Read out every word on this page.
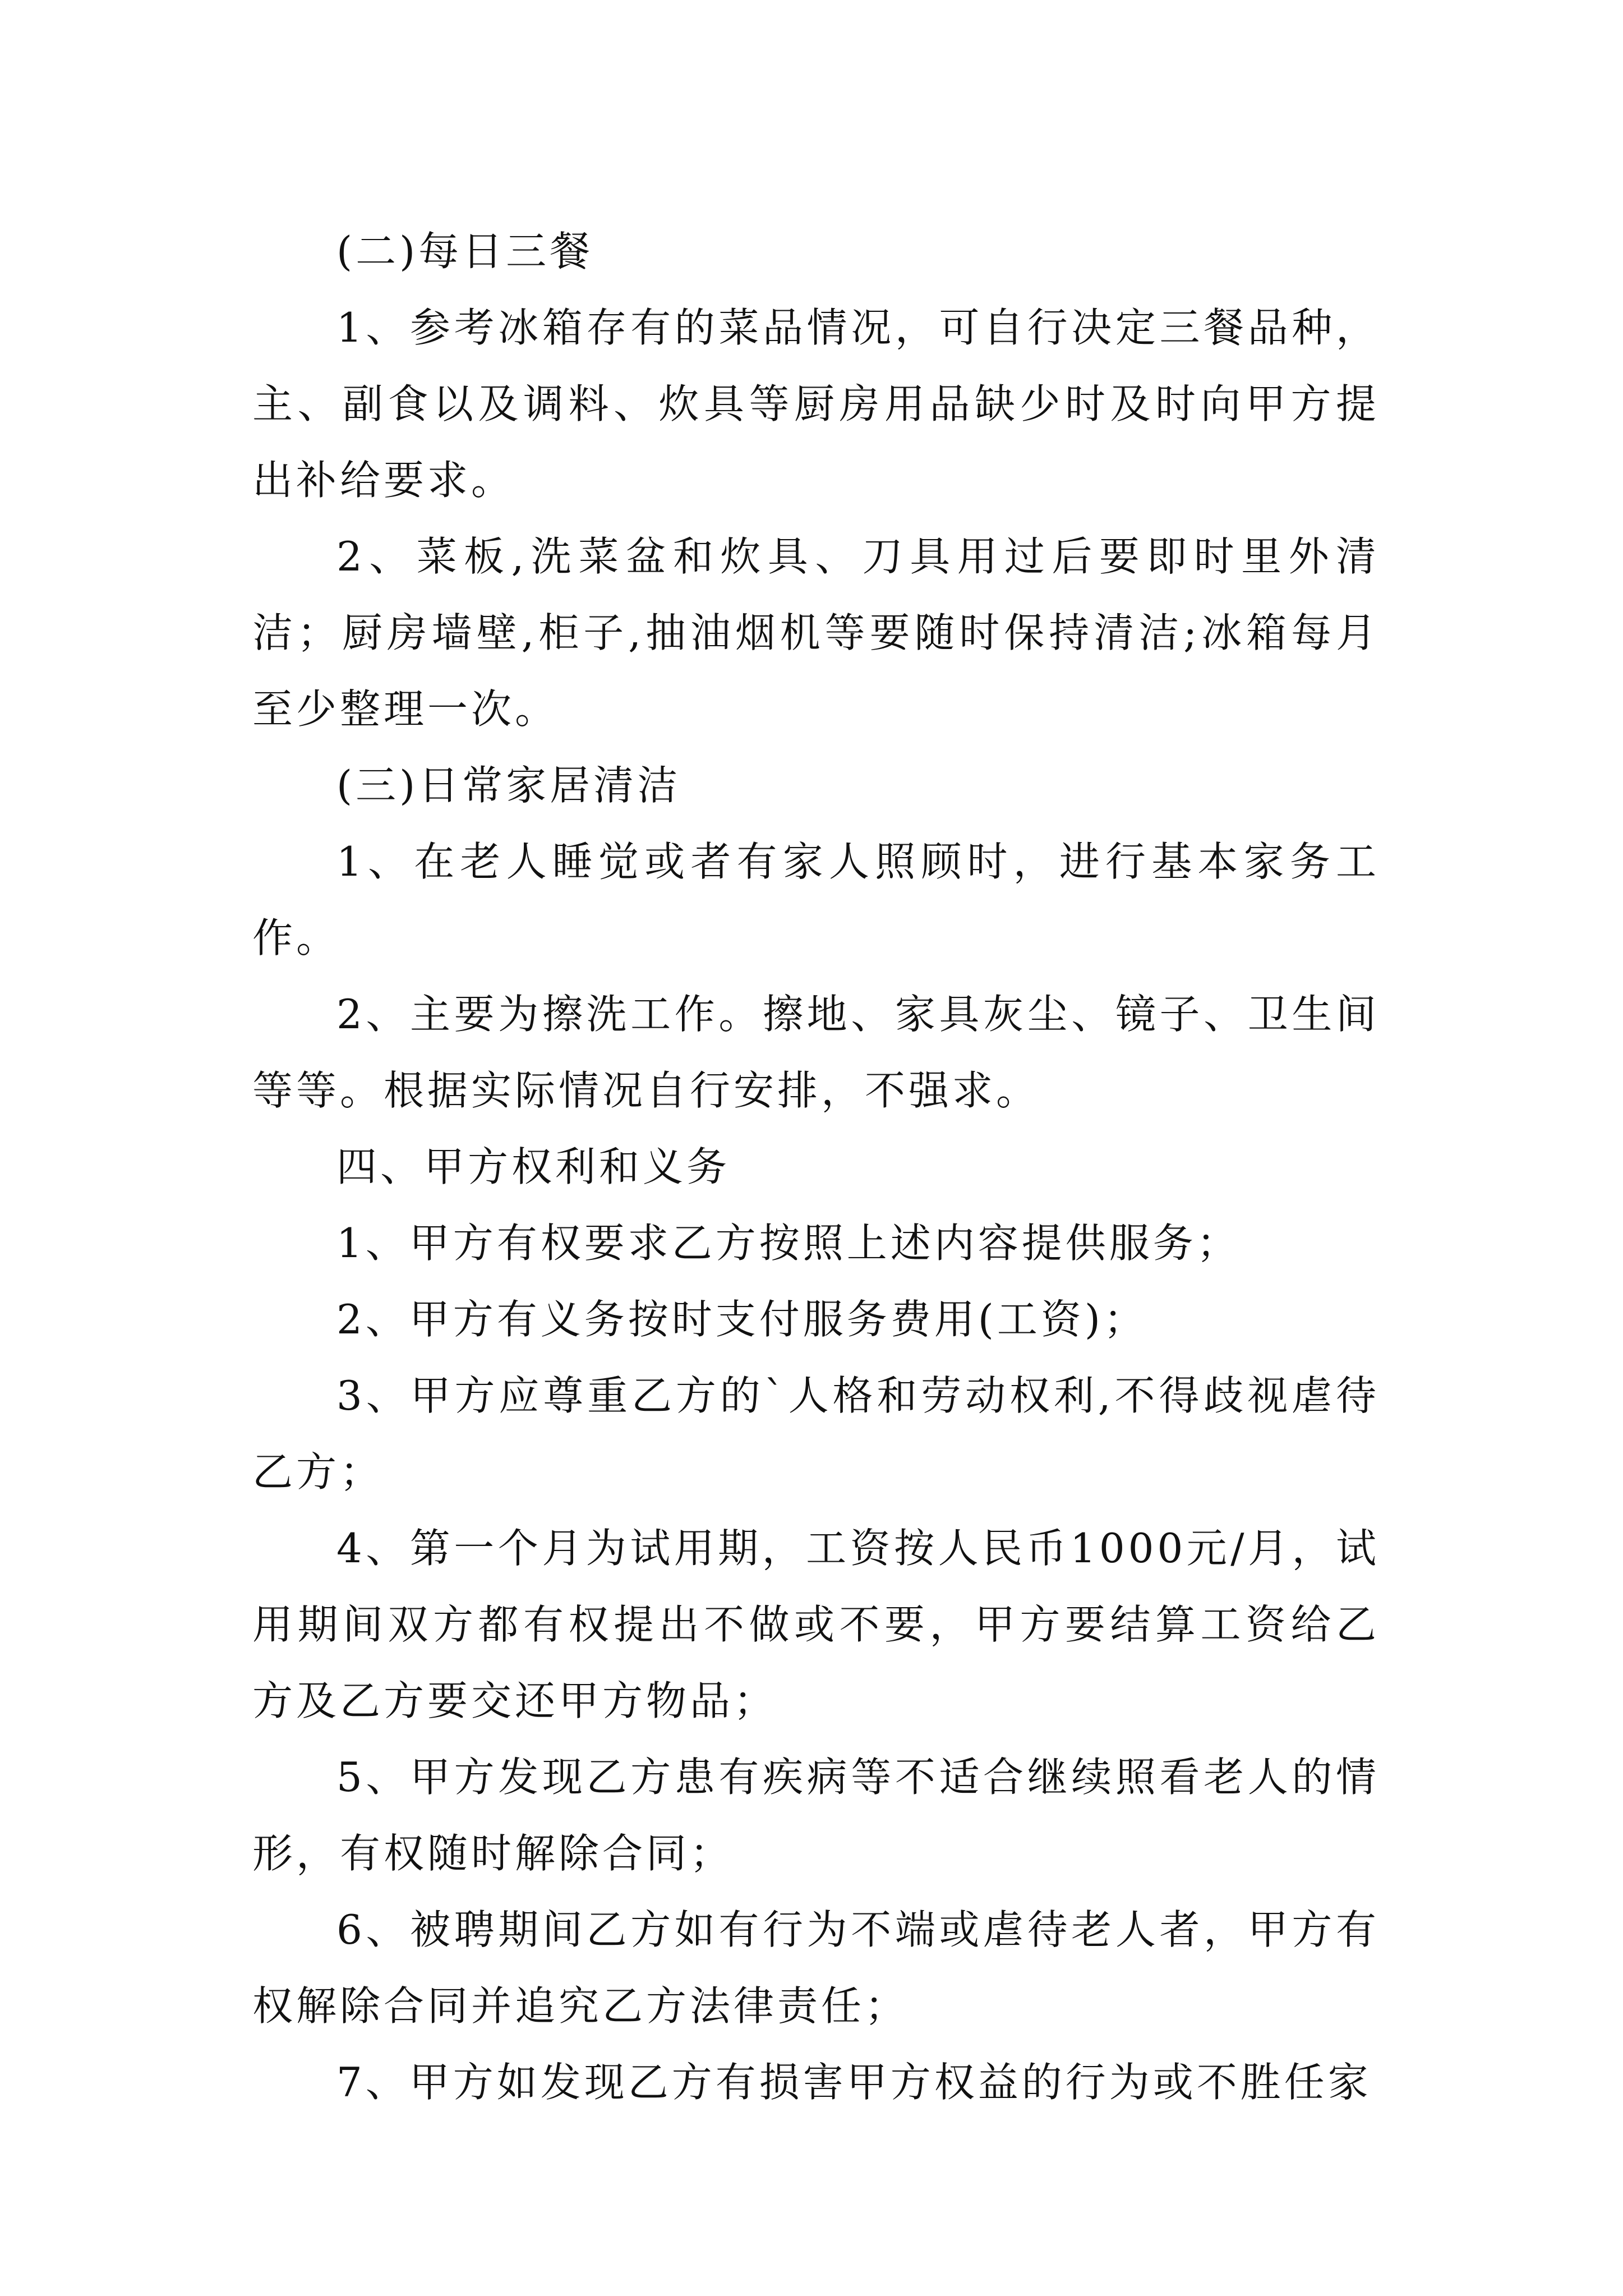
(二)每日三餐

1、参考冰箱存有的菜品情况，可自行决定三餐品种，主、副食以及调料、炊具等厨房用品缺少时及时向甲方提出补给要求。

2、菜板,洗菜盆和炊具、刀具用过后要即时里外清洁；厨房墙壁,柜子,抽油烟机等要随时保持清洁;冰箱每月至少整理一次。

(三)日常家居清洁

1、在老人睡觉或者有家人照顾时，进行基本家务工作。

2、主要为擦洗工作。擦地、家具灰尘、镜子、卫生间等等。根据实际情况自行安排，不强求。

四、甲方权利和义务

1、甲方有权要求乙方按照上述内容提供服务；

2、甲方有义务按时支付服务费用(工资)；

3、甲方应尊重乙方的`人格和劳动权利,不得歧视虐待乙方；

4、第一个月为试用期，工资按人民币1000元/月，试用期间双方都有权提出不做或不要，甲方要结算工资给乙方及乙方要交还甲方物品；

5、甲方发现乙方患有疾病等不适合继续照看老人的情形，有权随时解除合同；

6、被聘期间乙方如有行为不端或虐待老人者，甲方有权解除合同并追究乙方法律责任；

7、甲方如发现乙方有损害甲方权益的行为或不胜任家
